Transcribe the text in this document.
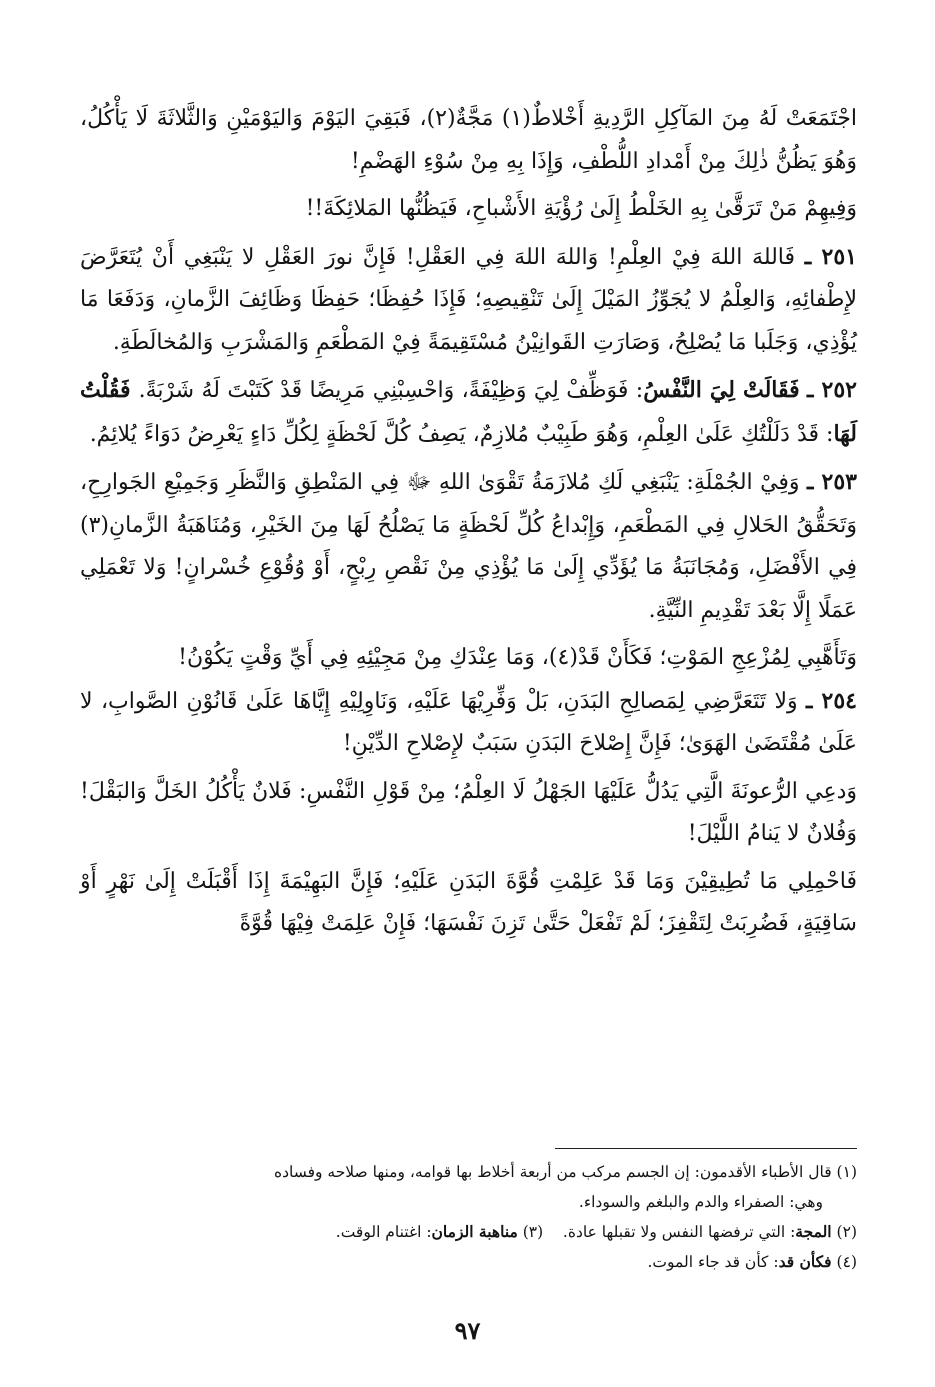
اجْتَمَعَتْ لَهُ مِنَ المَآكِلِ الرَّدِيةِ أَخْلاطٌ(١) مَجَّةٌ(٢)، فَبَقِيَ اليَوْمَ وَاليَوْمَيْنِ وَالثَّلاثَةَ لَا يَأْكُلُ، وَهُوَ يَظُنُّ ذٰلِكَ مِنْ أَمْدادِ اللُّطْفِ، وَإِذَا بِهِ مِنْ سُوْءِ الهَضْمِ!

وَفِيهِمْ مَنْ تَرَقَّىٰ بِهِ الخَلْطُ إِلَىٰ رُؤْيَةِ الأَشْباحِ، فَيَظُنُّها المَلائِكَةَ!!

٢٥١ ـ فَاللهَ اللهَ فِيْ العِلْمِ! وَاللهَ اللهَ فِي العَقْلِ! فَإِنَّ نورَ العَقْلِ لا يَنْبَغِي أَنْ يُتَعَرَّضَ لإِطْفائِهِ، وَالعِلْمُ لا يُجَوِّزُ المَيْلَ إِلَىٰ تَنْقِيصِهِ؛ فَإِذَا حُفِظَا؛ حَفِظَا وَظَائِفَ الزَّمانِ، وَدَفَعَا مَا يُؤْذِي، وَجَلَبا مَا يُصْلِحُ، وَصَارَتِ القَوانِيْنُ مُسْتَقِيمَةً فِيْ المَطْعَمِ وَالمَشْرَبِ وَالمُخالَطَةِ.

٢٥٢ ـ فَقَالَتْ لِيَ النَّفْسُ: فَوَظِّفْ لِيَ وَظِيْفَةً، وَاحْسِبْنِي مَرِيضًا قَدْ كَتَبْتَ لَهُ شَرْبَةً. فَقُلْتُ لَهَا: قَدْ دَلَلْتُكِ عَلَىٰ العِلْمِ، وَهُوَ طَبِيْبٌ مُلازِمٌ، يَصِفُ كُلَّ لَحْظَةٍ لِكُلِّ دَاءٍ يَعْرِضُ دَوَاءً يُلائِمُ.

٢٥٣ ـ وَفِيْ الجُمْلَةِ: يَنْبَغِي لَكِ مُلازَمَةُ تَقْوَىٰ اللهِ ﷻ فِي المَنْطِقِ وَالنَّظَرِ وَجَمِيْعِ الجَوارِحِ، وَتَحَقُّقُ الحَلالِ فِي المَطْعَمِ، وَإِبْداعُ كُلِّ لَحْظَةٍ مَا يَصْلُحُ لَهَا مِنَ الخَيْرِ، وَمُنَاهَبَةُ الزَّمانِ(٣) فِي الأَفْضَلِ، وَمُجَانَبَةُ مَا يُؤَدِّي إِلَىٰ مَا يُؤْذِي مِنْ نَقْصِ رِبْحٍ، أَوْ وُقُوْعِ خُسْرانٍ! وَلا تَعْمَلِي عَمَلًا إِلَّا بَعْدَ تَقْدِيمِ النِّيَّةِ.

وَتَأَهَّبِي لِمُزْعِجِ المَوْتِ؛ فَكَأَنْ قَدْ(٤)، وَمَا عِنْدَكِ مِنْ مَجِيْئِهِ فِي أَيِّ وَقْتٍ يَكُوْنُ!

٢٥٤ ـ وَلا تَتَعَرَّضِي لِمَصالِحِ البَدَنِ، بَلْ وَفِّرِيْهَا عَلَيْهِ، وَنَاوِلِيْهِ إِيَّاهَا عَلَىٰ قَانُوْنِ الصَّوابِ، لا عَلَىٰ مُقْتَضَىٰ الهَوَىٰ؛ فَإِنَّ إِصْلاحَ البَدَنِ سَبَبٌ لإِصْلاحِ الدِّيْنِ!

وَدعِي الرُّعونَةَ الَّتِي يَدُلُّ عَلَيْهَا الجَهْلُ لَا العِلْمُ؛ مِنْ قَوْلِ النَّفْسِ: فَلانٌ يَأْكُلُ الخَلَّ وَالبَقْلَ! وَفُلانٌ لا يَنامُ اللَّيْلَ!

فَاحْمِلِي مَا تُطِيقِيْنَ وَمَا قَدْ عَلِمْتِ قُوَّةَ البَدَنِ عَلَيْهِ؛ فَإِنَّ البَهِيْمَةَ إِذَا أَقْبَلَتْ إِلَىٰ نَهْرٍ أَوْ سَاقِيَةٍ، فَضُرِبَتْ لِتَقْفِزَ؛ لَمْ تَفْعَلْ حَتَّىٰ تَزِنَ نَفْسَهَا؛ فَإِنْ عَلِمَتْ فِيْهَا قُوَّةً

(١) قال الأطباء الأقدمون: إن الجسم مركب من أربعة أخلاط بها قوامه، ومنها صلاحه وفساده

وهي: الصفراء والدم والبلغم والسوداء.

(٢) المجة: التي ترفضها النفس ولا تقبلها عادة.    (٣) مناهبة الزمان: اغتنام الوقت.

(٤) فكأن قد: كأن قد جاء الموت.

٩٧
